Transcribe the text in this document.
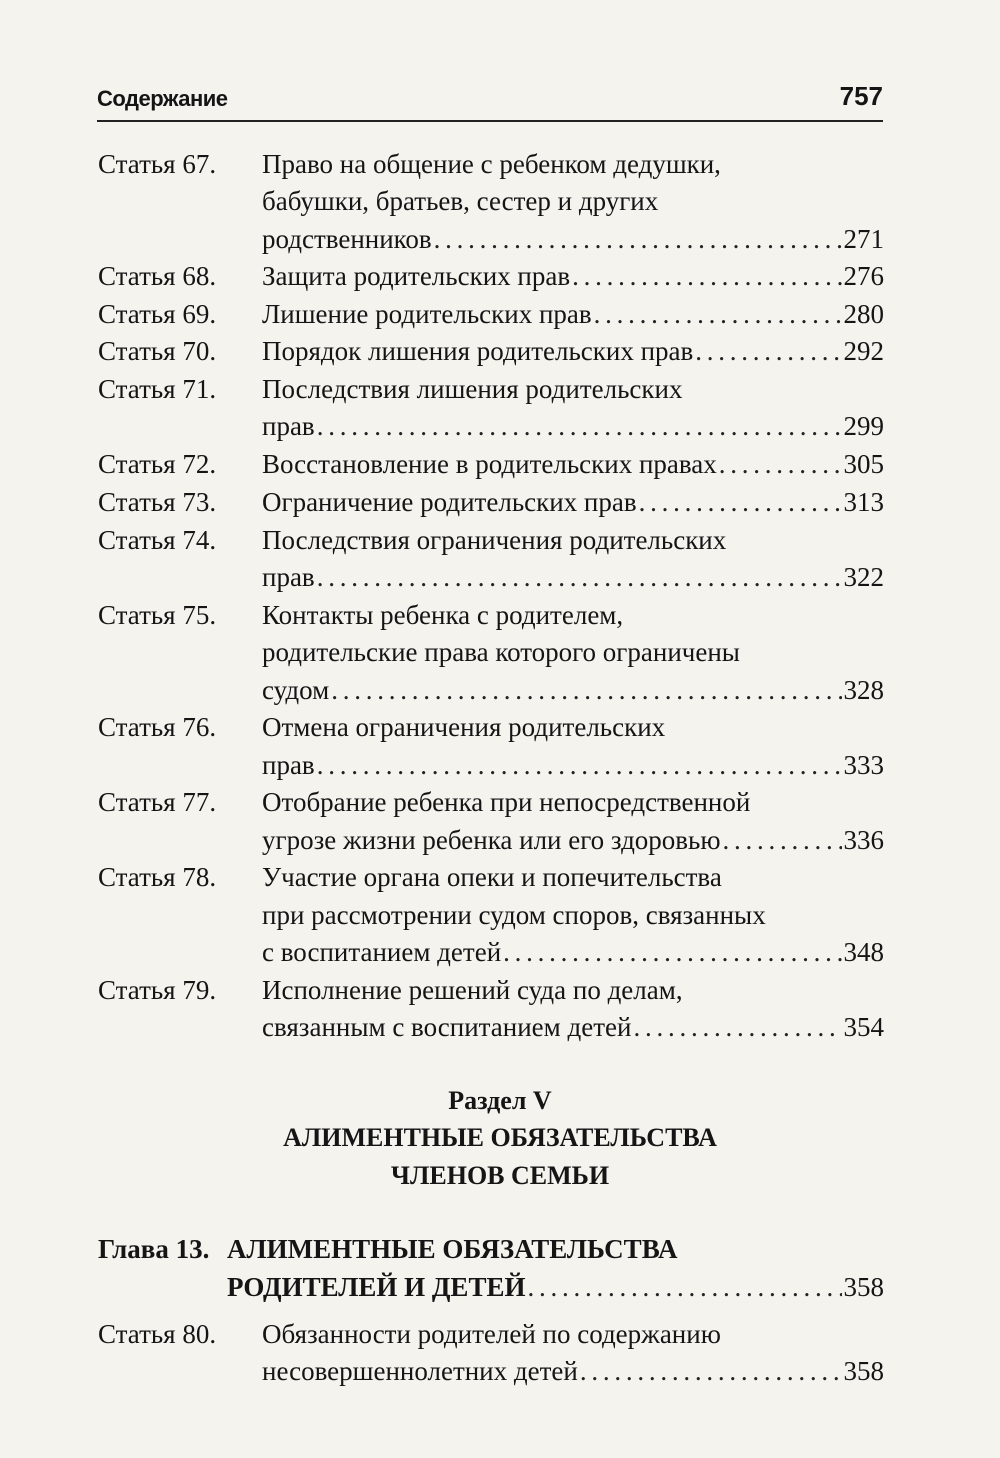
Содержание	757
Статья 67. Право на общение с ребенком дедушки,
бабушки, братьев, сестер и других
родственников . . .	271
Статья 68. Защита родительских прав . . .	276
Статья 69. Лишение родительских прав . . .	280
Статья 70. Порядок лишения родительских прав . . .	292
Статья 71. Последствия лишения родительских
прав . . .	299
Статья 72. Восстановление в родительских правах . . .	305
Статья 73. Ограничение родительских прав . . .	313
Статья 74. Последствия ограничения родительских
прав . . .	322
Статья 75. Контакты ребенка с родителем,
родительские права которого ограничены
судом . . .	328
Статья 76. Отмена ограничения родительских
прав . . .	333
Статья 77. Отобрание ребенка при непосредственной
угрозе жизни ребенка или его здоровью . . .	336
Статья 78. Участие органа опеки и попечительства
при рассмотрении судом споров, связанных
с воспитанием детей . . .	348
Статья 79. Исполнение решений суда по делам,
связанным с воспитанием детей . . .	354
Раздел V
АЛИМЕНТНЫЕ ОБЯЗАТЕЛЬСТВА
ЧЛЕНОВ СЕМЬИ
Глава 13. АЛИМЕНТНЫЕ ОБЯЗАТЕЛЬСТВА
РОДИТЕЛЕЙ И ДЕТЕЙ . . .	358
Статья 80. Обязанности родителей по содержанию
несовершеннолетних детей . . .	358
